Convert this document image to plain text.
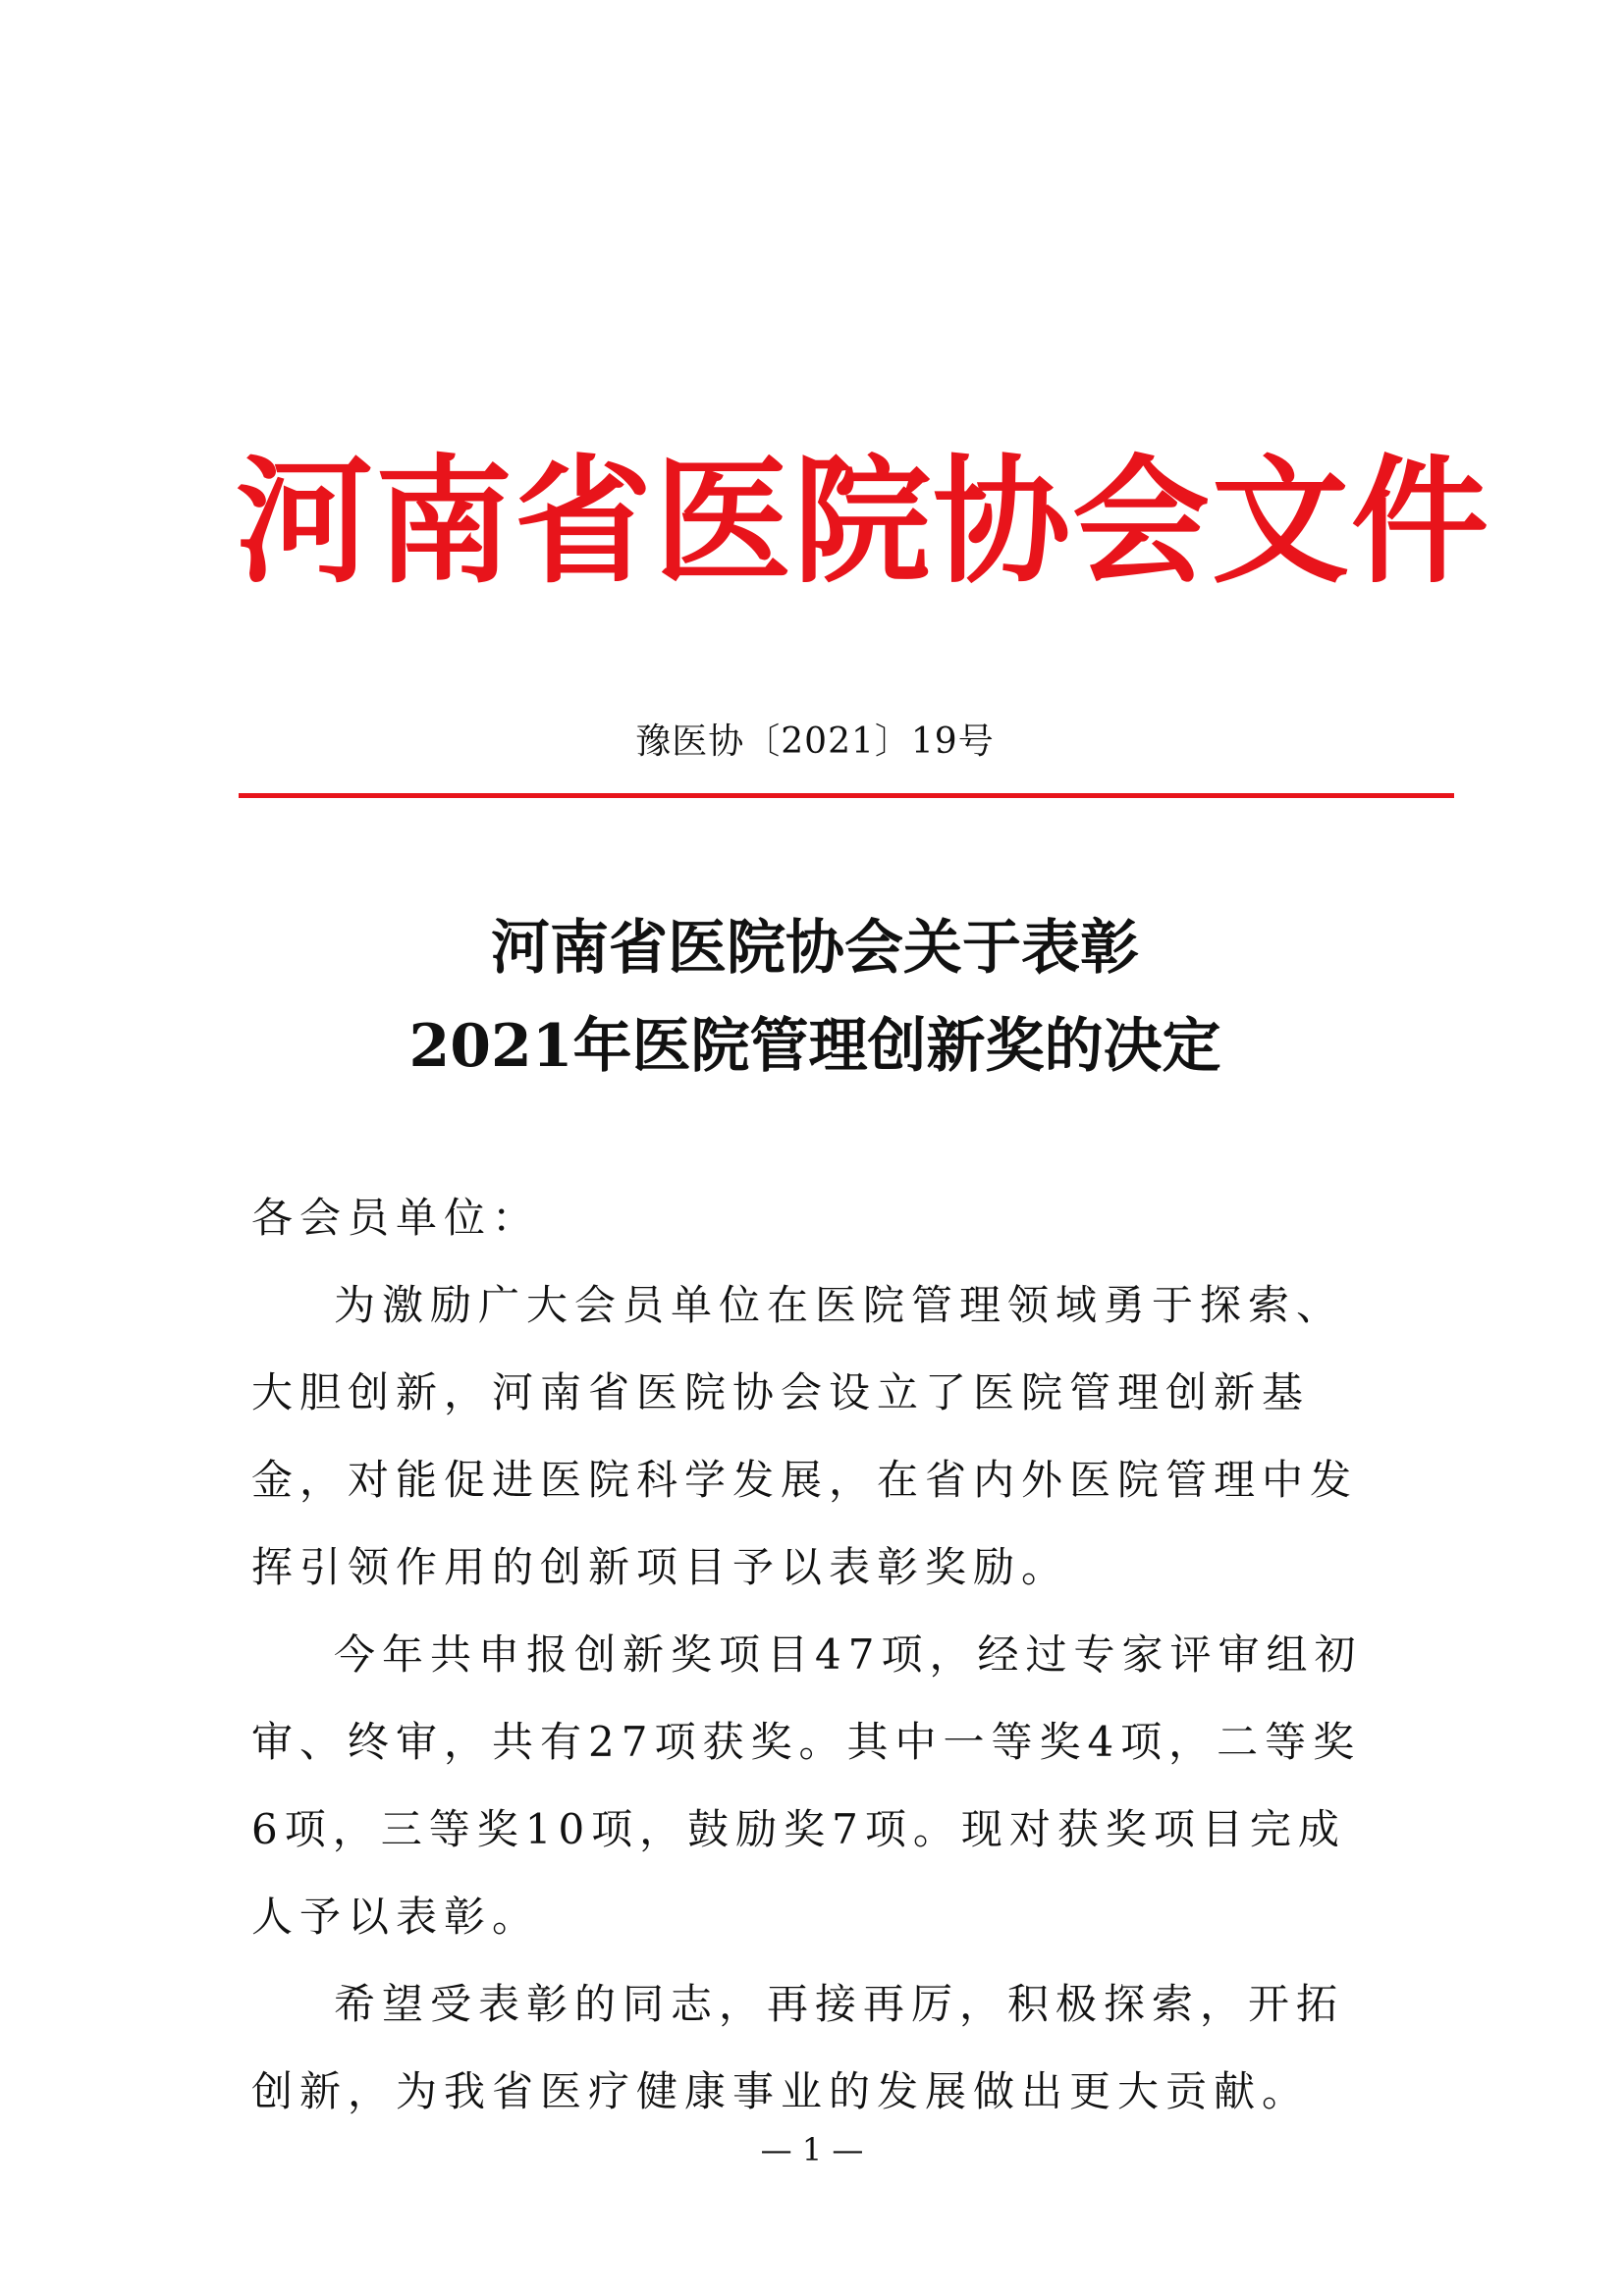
河南省医院协会文件
豫医协〔2021〕19号
河南省医院协会关于表彰
2021年医院管理创新奖的决定

各会员单位：

为激励广大会员单位在医院管理领域勇于探索、大胆创新，河南省医院协会设立了医院管理创新基金，对能促进医院科学发展，在省内外医院管理中发挥引领作用的创新项目予以表彰奖励。

今年共申报创新奖项目47项，经过专家评审组初审、终审，共有27项获奖。其中一等奖4项，二等奖6项，三等奖10项，鼓励奖7项。现对获奖项目完成人予以表彰。

希望受表彰的同志，再接再厉，积极探索，开拓创新，为我省医疗健康事业的发展做出更大贡献。

— 1 —
